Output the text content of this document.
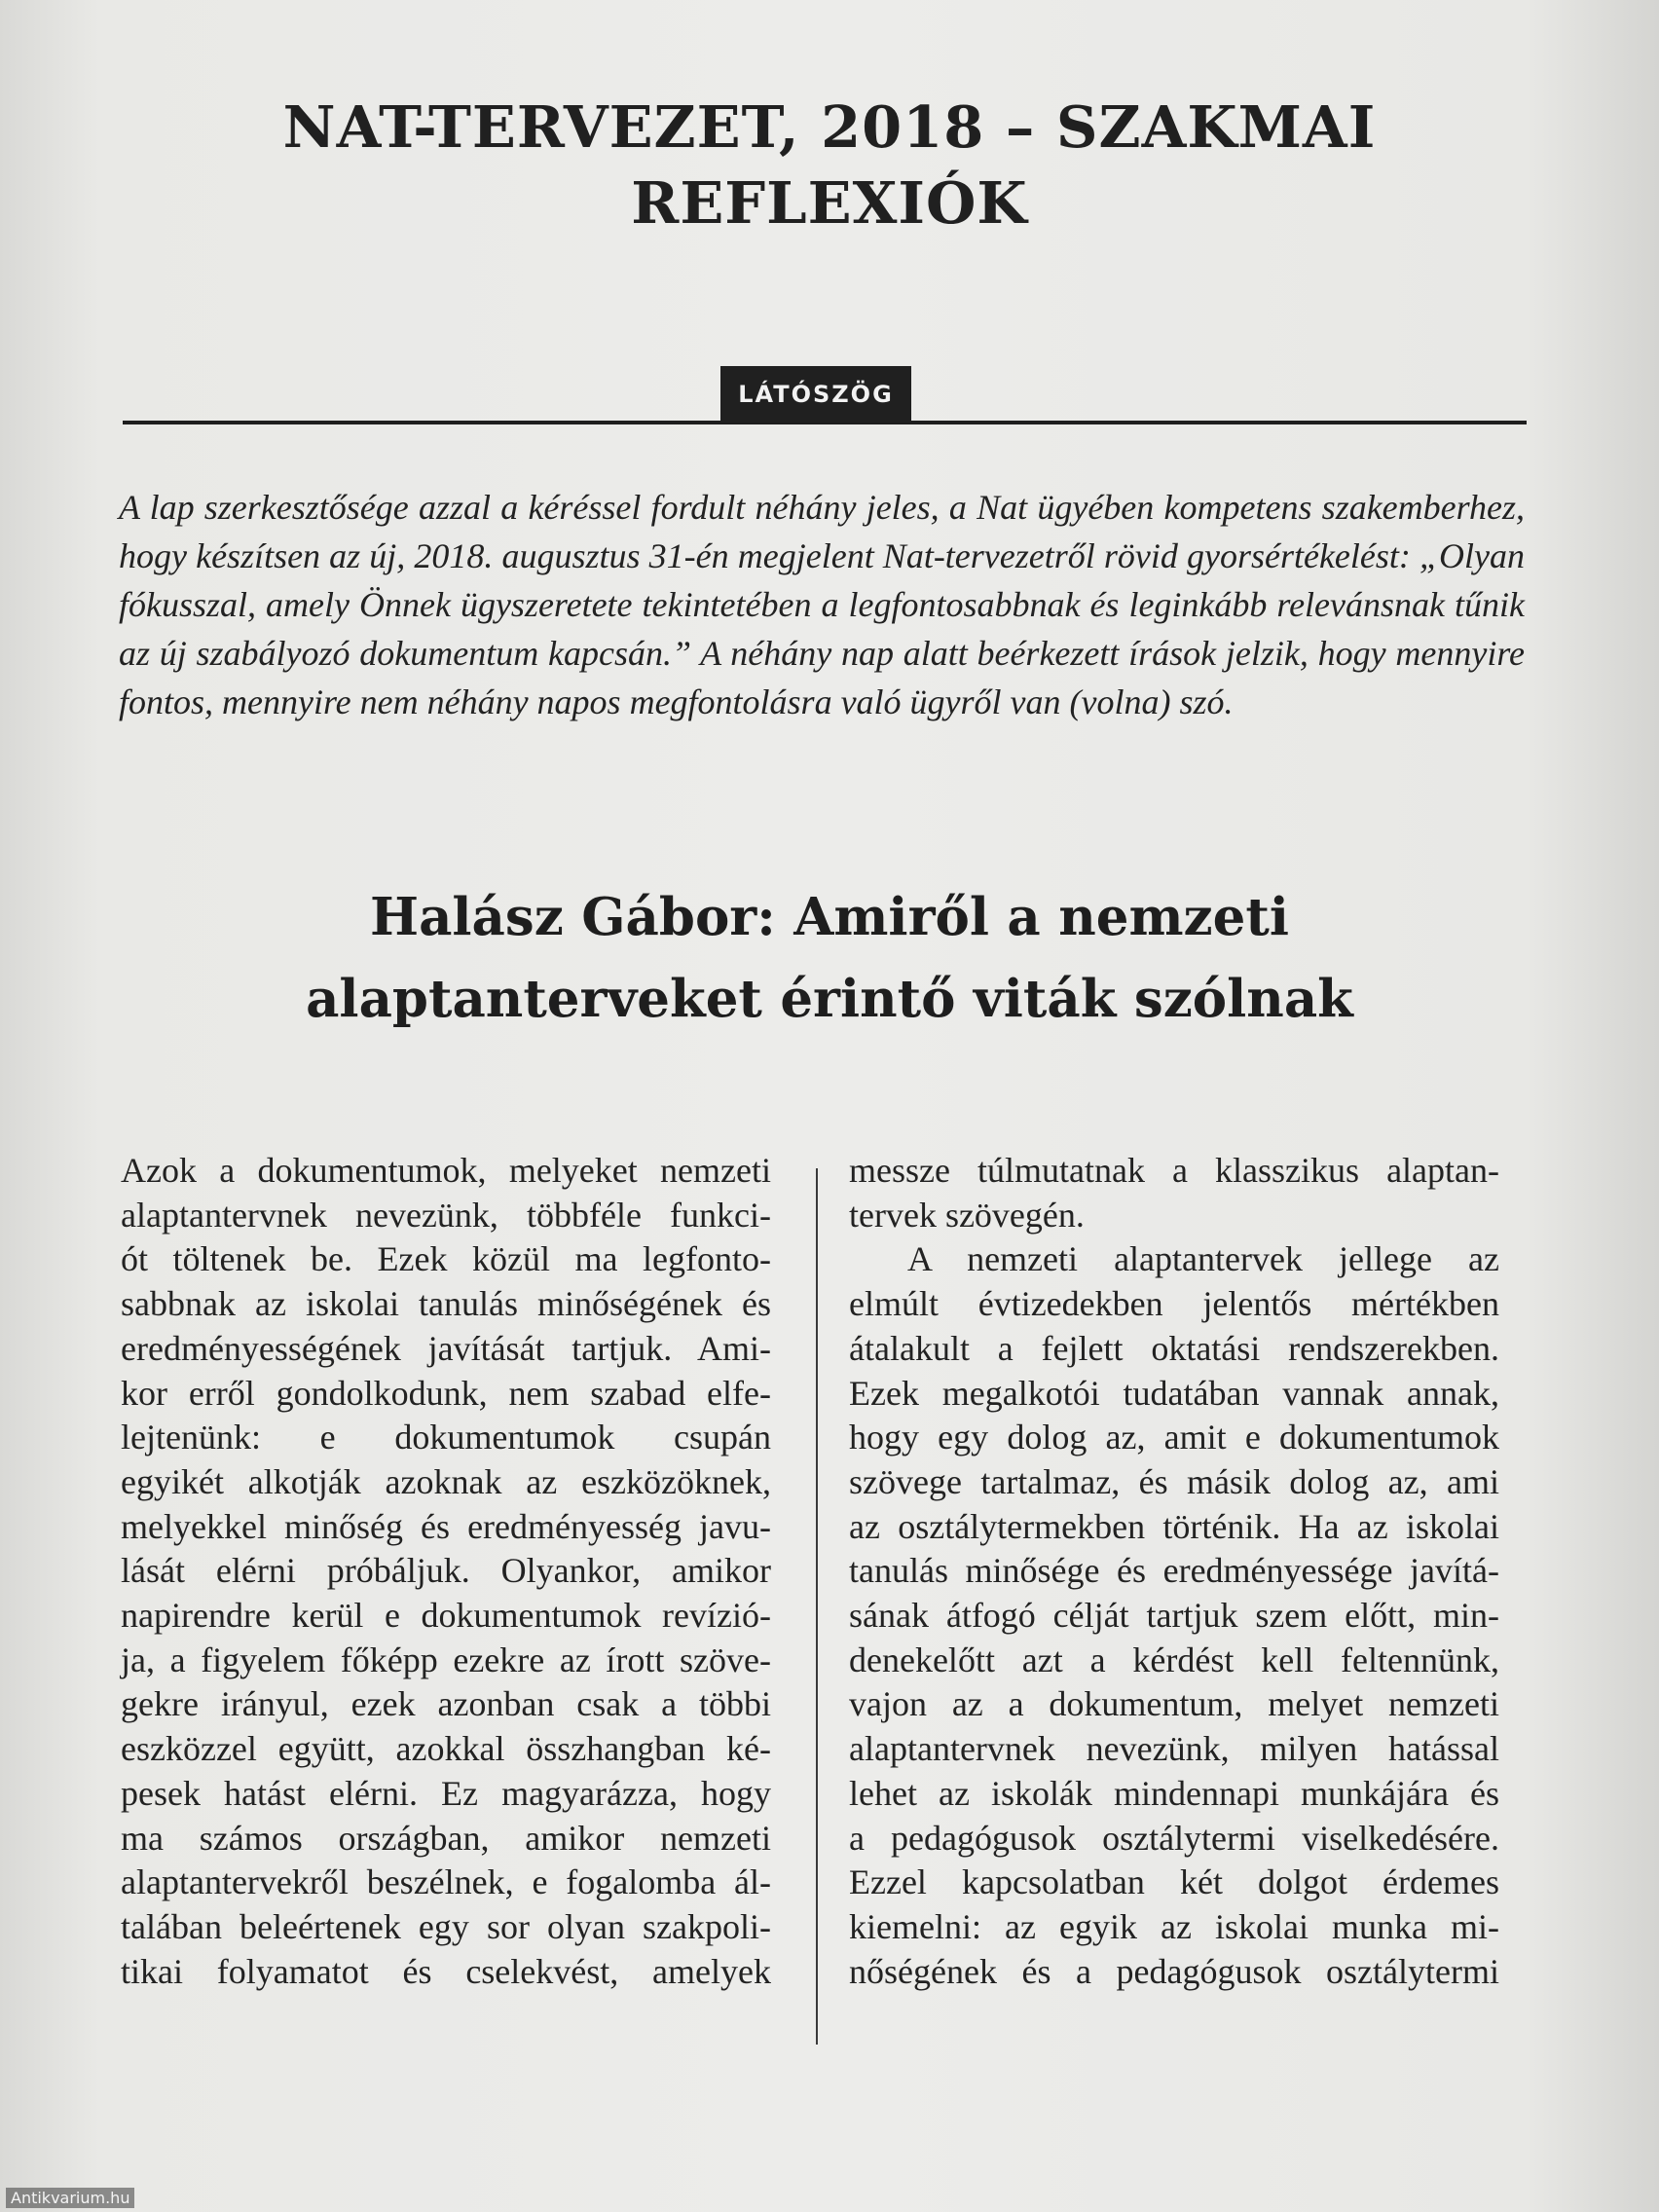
NAT-TERVEZET, 2018 – SZAKMAI REFLEXIÓK
LÁTÓSZÖG

A lap szerkesztősége azzal a kéréssel fordult néhány jeles, a Nat ügyében kompetens szakemberhez, hogy készítsen az új, 2018. augusztus 31-én megjelent Nat-tervezetről rövid gyorsértékelést: „Olyan fókusszal, amely Önnek ügyszeretete tekintetében a legfontosabbnak és leginkább relevánsnak tűnik az új szabályozó dokumentum kapcsán.” A néhány nap alatt beérkezett írások jelzik, hogy mennyire fontos, mennyire nem néhány napos megfontolásra való ügyről van (volna) szó.

Halász Gábor: Amiről a nemzeti alaptanterveket érintő viták szólnak

Azok a dokumentumok, melyeket nemzeti
alaptantervnek nevezünk, többféle funkci-
ót töltenek be. Ezek közül ma legfonto-
sabbnak az iskolai tanulás minőségének és
eredményességének javítását tartjuk. Ami-
kor erről gondolkodunk, nem szabad elfe-
lejtenünk: e dokumentumok csupán
egyikét alkotják azoknak az eszközöknek,
melyekkel minőség és eredményesség javu-
lását elérni próbáljuk. Olyankor, amikor
napirendre kerül e dokumentumok revízió-
ja, a figyelem főképp ezekre az írott szöve-
gekre irányul, ezek azonban csak a többi
eszközzel együtt, azokkal összhangban ké-
pesek hatást elérni. Ez magyarázza, hogy
ma számos országban, amikor nemzeti
alaptantervekről beszélnek, e fogalomba ál-
talában beleértenek egy sor olyan szakpoli-
tikai folyamatot és cselekvést, amelyek

messze túlmutatnak a klasszikus alaptan-
tervek szövegén.

A nemzeti alaptantervek jellege az
elmúlt évtizedekben jelentős mértékben
átalakult a fejlett oktatási rendszerekben.
Ezek megalkotói tudatában vannak annak,
hogy egy dolog az, amit e dokumentumok
szövege tartalmaz, és másik dolog az, ami
az osztálytermekben történik. Ha az iskolai
tanulás minősége és eredményessége javítá-
sának átfogó célját tartjuk szem előtt, min-
denekelőtt azt a kérdést kell feltennünk,
vajon az a dokumentum, melyet nemzeti
alaptantervnek nevezünk, milyen hatással
lehet az iskolák mindennapi munkájára és
a pedagógusok osztálytermi viselkedésére.
Ezzel kapcsolatban két dolgot érdemes
kiemelni: az egyik az iskolai munka mi-
nőségének és a pedagógusok osztálytermi

Antikvarium.hu
